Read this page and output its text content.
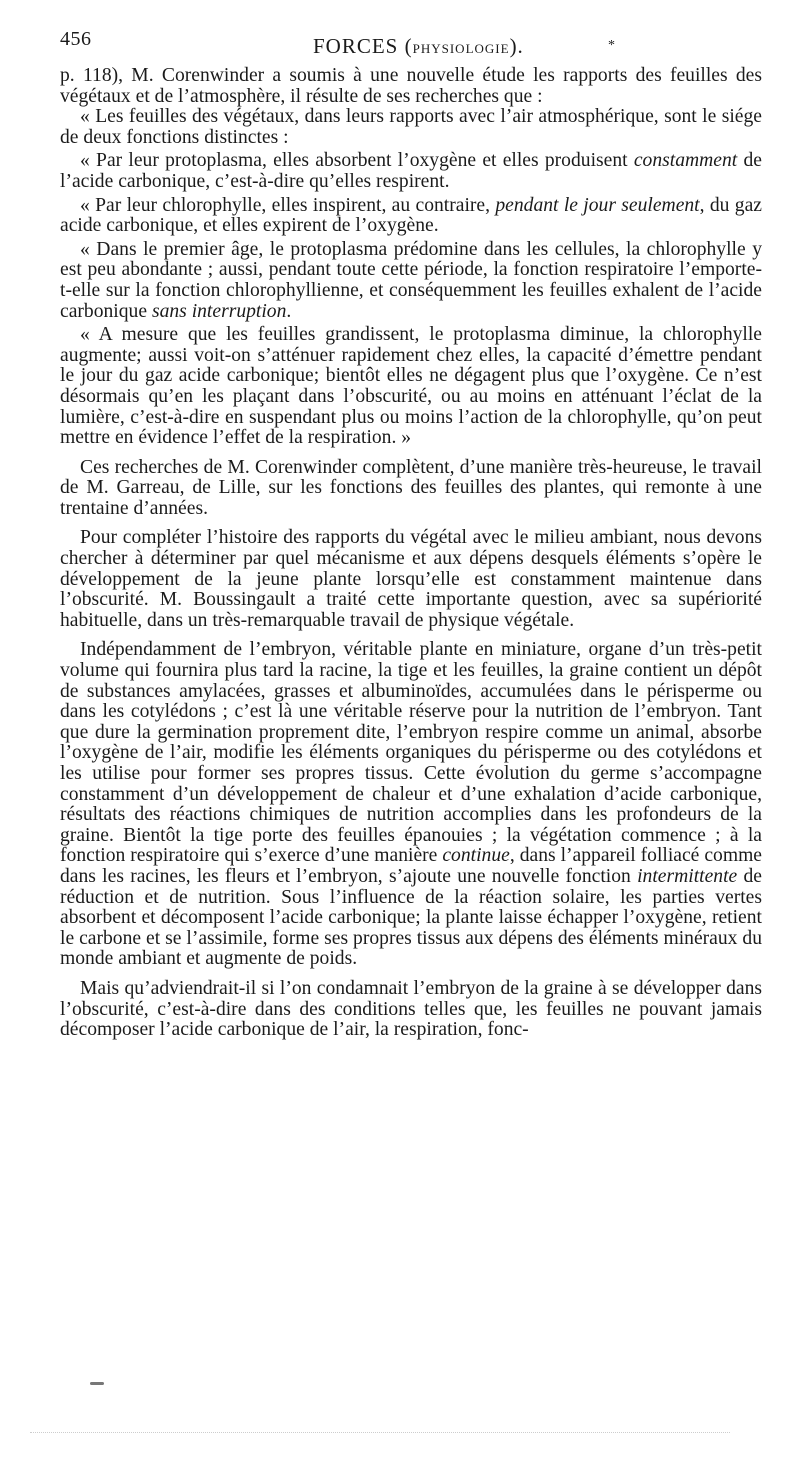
456	FORCES (PHYSIOLOGIE).	*

p. 118), M. Corenwinder a soumis à une nouvelle étude les rapports des feuilles des végétaux et de l’atmosphère, il résulte de ses recherches que :

« Les feuilles des végétaux, dans leurs rapports avec l’air atmosphérique, sont le siége de deux fonctions distinctes :

« Par leur protoplasma, elles absorbent l’oxygène et elles produisent constamment de l’acide carbonique, c’est-à-dire qu’elles respirent.

« Par leur chlorophylle, elles inspirent, au contraire, pendant le jour seulement, du gaz acide carbonique, et elles expirent de l’oxygène.

« Dans le premier âge, le protoplasma prédomine dans les cellules, la chlorophylle y est peu abondante ; aussi, pendant toute cette période, la fonction respiratoire l’emporte-t-elle sur la fonction chlorophyllienne, et conséquemment les feuilles exhalent de l’acide carbonique sans interruption.

« A mesure que les feuilles grandissent, le protoplasma diminue, la chlorophylle augmente; aussi voit-on s’atténuer rapidement chez elles, la capacité d’émettre pendant le jour du gaz acide carbonique; bientôt elles ne dégagent plus que l’oxygène. Ce n’est désormais qu’en les plaçant dans l’obscurité, ou au moins en atténuant l’éclat de la lumière, c’est-à-dire en suspendant plus ou moins l’action de la chlorophylle, qu’on peut mettre en évidence l’effet de la respiration. »

Ces recherches de M. Corenwinder complètent, d’une manière très-heureuse, le travail de M. Garreau, de Lille, sur les fonctions des feuilles des plantes, qui remonte à une trentaine d’années.

Pour compléter l’histoire des rapports du végétal avec le milieu ambiant, nous devons chercher à déterminer par quel mécanisme et aux dépens desquels éléments s’opère le développement de la jeune plante lorsqu’elle est constamment maintenue dans l’obscurité. M. Boussingault a traité cette importante question, avec sa supériorité habituelle, dans un très-remarquable travail de physique végétale.

Indépendamment de l’embryon, véritable plante en miniature, organe d’un très-petit volume qui fournira plus tard la racine, la tige et les feuilles, la graine contient un dépôt de substances amylacées, grasses et albuminoïdes, accumulées dans le périsperme ou dans les cotylédons ; c’est là une véritable réserve pour la nutrition de l’embryon. Tant que dure la germination proprement dite, l’embryon respire comme un animal, absorbe l’oxygène de l’air, modifie les éléments organiques du périsperme ou des cotylédons et les utilise pour former ses propres tissus. Cette évolution du germe s’accompagne constamment d’un développement de chaleur et d’une exhalation d’acide carbonique, résultats des réactions chimiques de nutrition accomplies dans les profondeurs de la graine. Bientôt la tige porte des feuilles épanouies ; la végétation commence ; à la fonction respiratoire qui s’exerce d’une manière continue, dans l’appareil folliacé comme dans les racines, les fleurs et l’embryon, s’ajoute une nouvelle fonction intermittente de réduction et de nutrition. Sous l’influence de la réaction solaire, les parties vertes absorbent et décomposent l’acide carbonique; la plante laisse échapper l’oxygène, retient le carbone et se l’assimile, forme ses propres tissus aux dépens des éléments minéraux du monde ambiant et augmente de poids.

Mais qu’adviendrait-il si l’on condamnait l’embryon de la graine à se développer dans l’obscurité, c’est-à-dire dans des conditions telles que, les feuilles ne pouvant jamais décomposer l’acide carbonique de l’air, la respiration, fonc-
